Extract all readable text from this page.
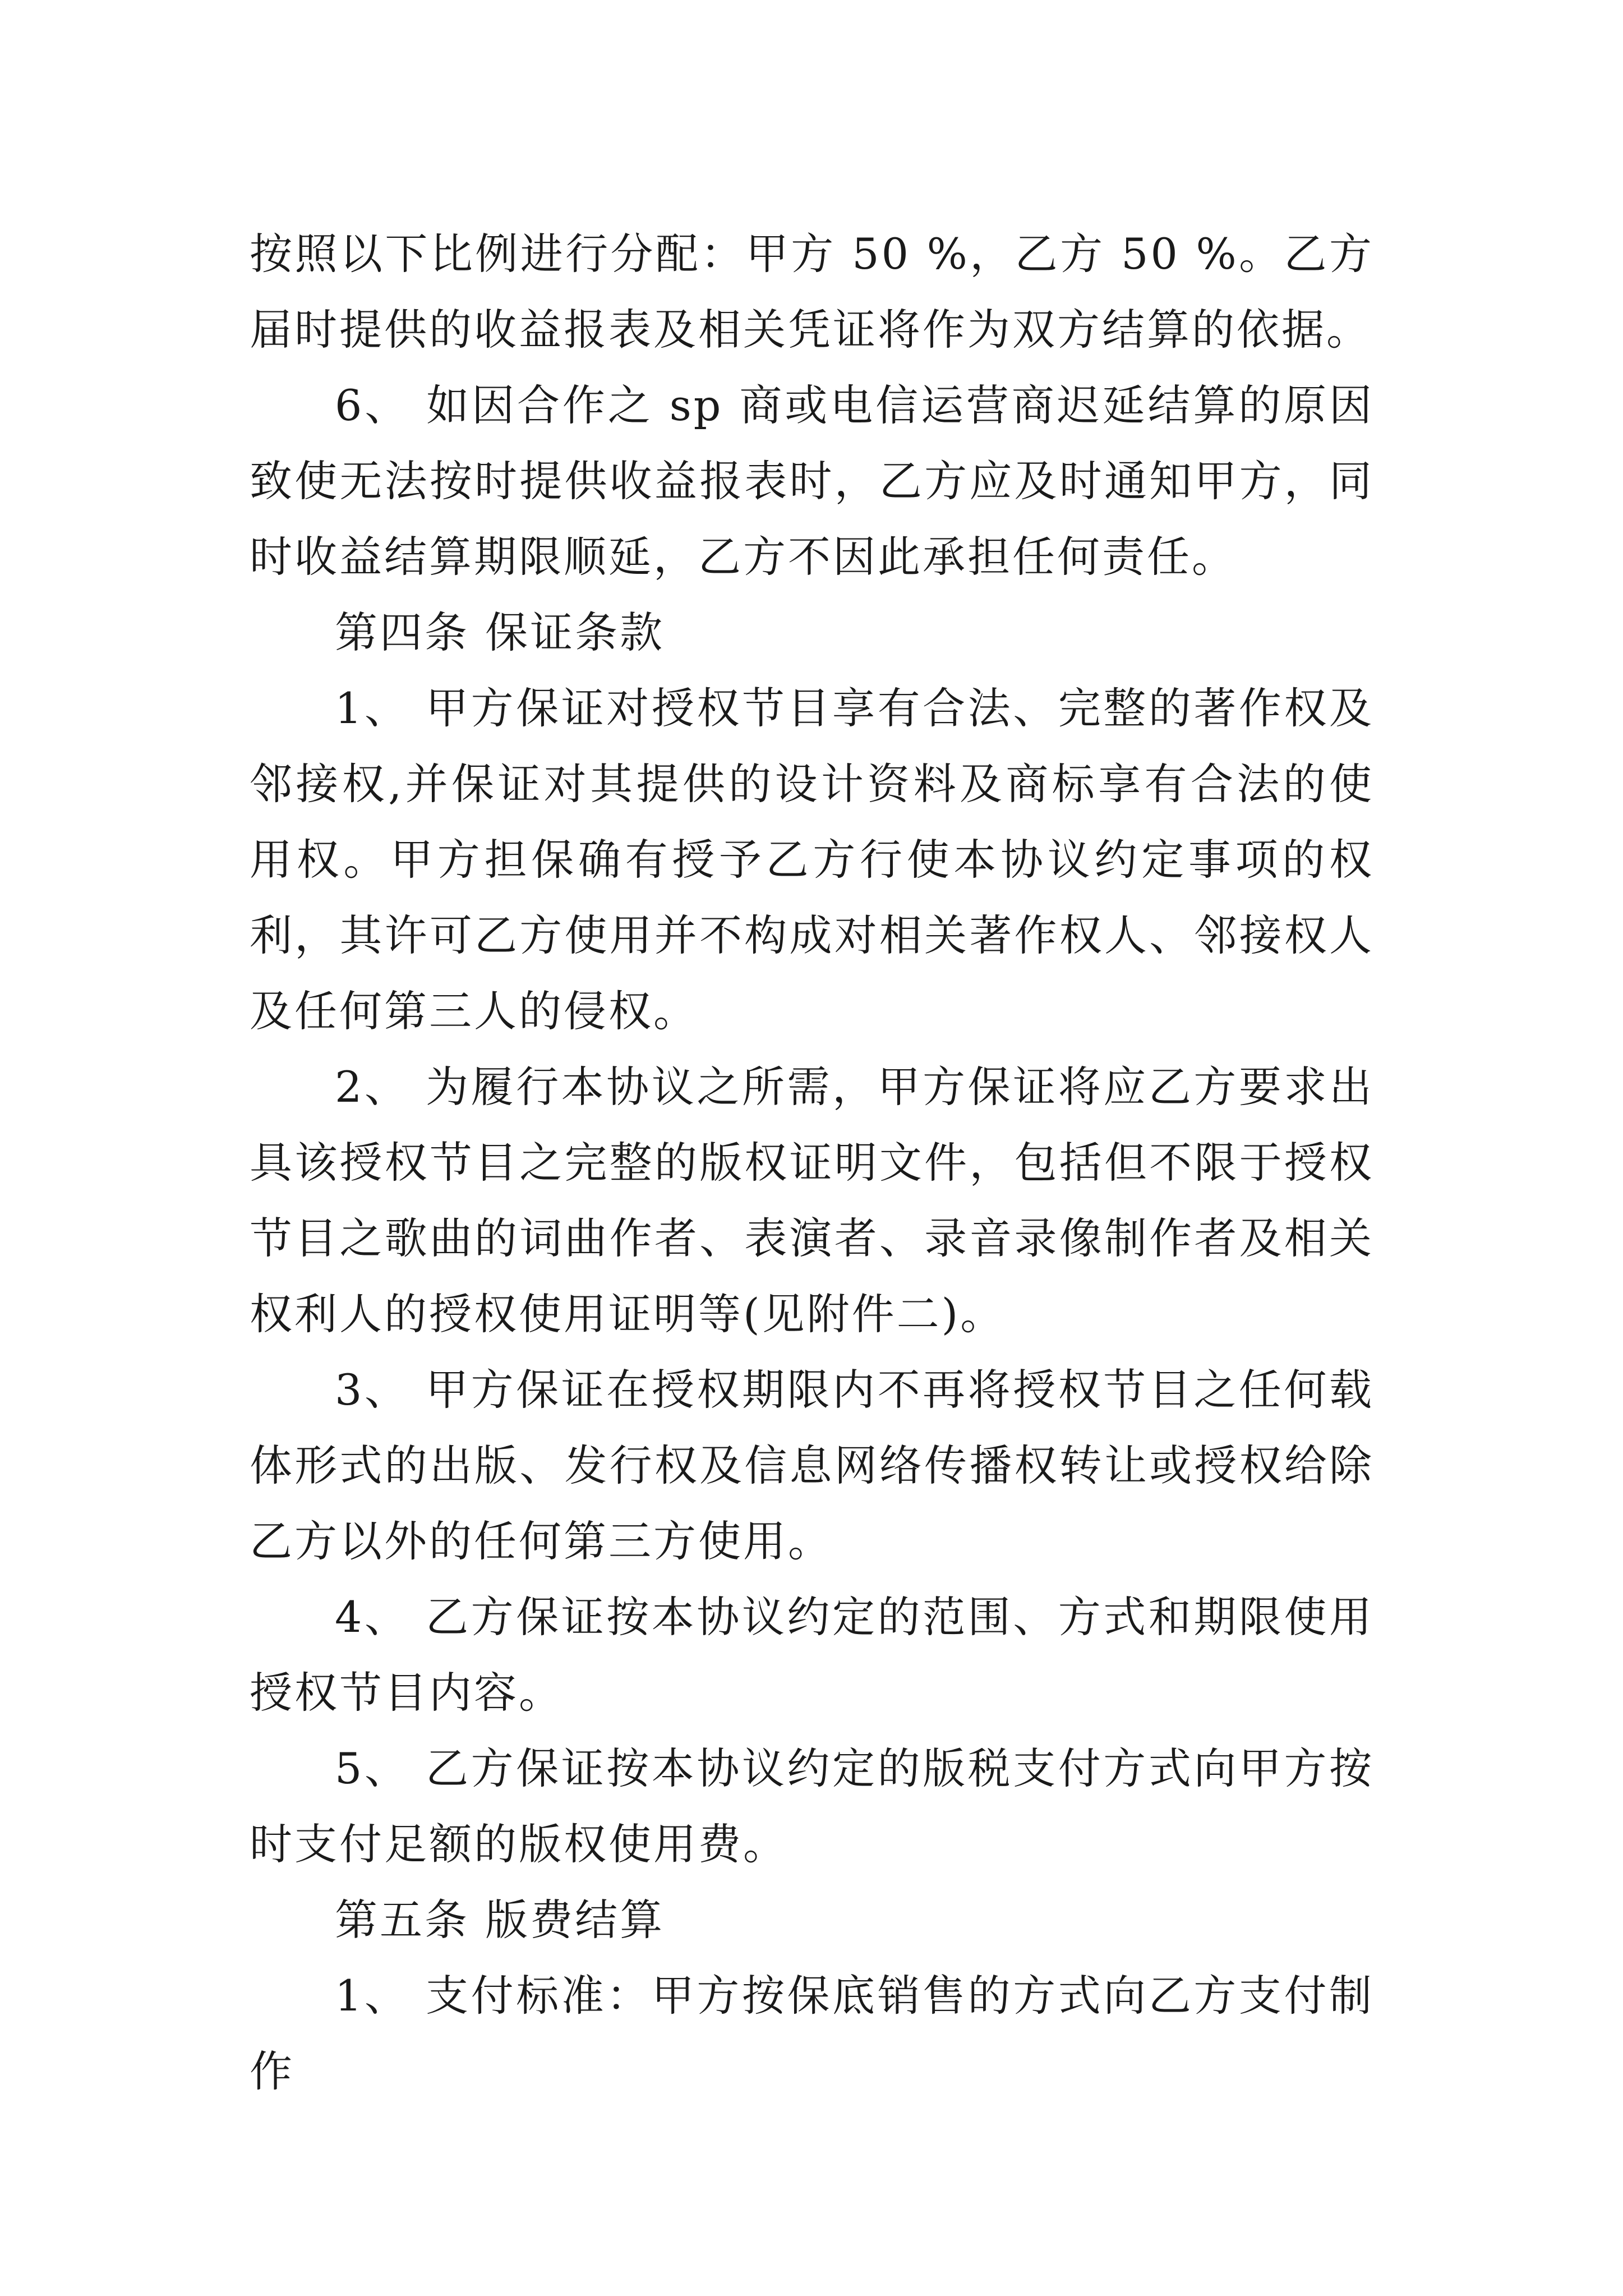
按照以下比例进行分配：甲方 50 %，乙方 50 %。乙方届时提供的收益报表及相关凭证将作为双方结算的依据。

6、 如因合作之 sp 商或电信运营商迟延结算的原因致使无法按时提供收益报表时，乙方应及时通知甲方，同时收益结算期限顺延，乙方不因此承担任何责任。

第四条 保证条款

1、 甲方保证对授权节目享有合法、完整的著作权及邻接权,并保证对其提供的设计资料及商标享有合法的使用权。甲方担保确有授予乙方行使本协议约定事项的权利，其许可乙方使用并不构成对相关著作权人、邻接权人及任何第三人的侵权。

2、 为履行本协议之所需，甲方保证将应乙方要求出具该授权节目之完整的版权证明文件，包括但不限于授权节目之歌曲的词曲作者、表演者、录音录像制作者及相关权利人的授权使用证明等(见附件二)。

3、 甲方保证在授权期限内不再将授权节目之任何载体形式的出版、发行权及信息网络传播权转让或授权给除乙方以外的任何第三方使用。

4、 乙方保证按本协议约定的范围、方式和期限使用授权节目内容。

5、 乙方保证按本协议约定的版税支付方式向甲方按时支付足额的版权使用费。

第五条 版费结算

1、 支付标准：甲方按保底销售的方式向乙方支付制作
